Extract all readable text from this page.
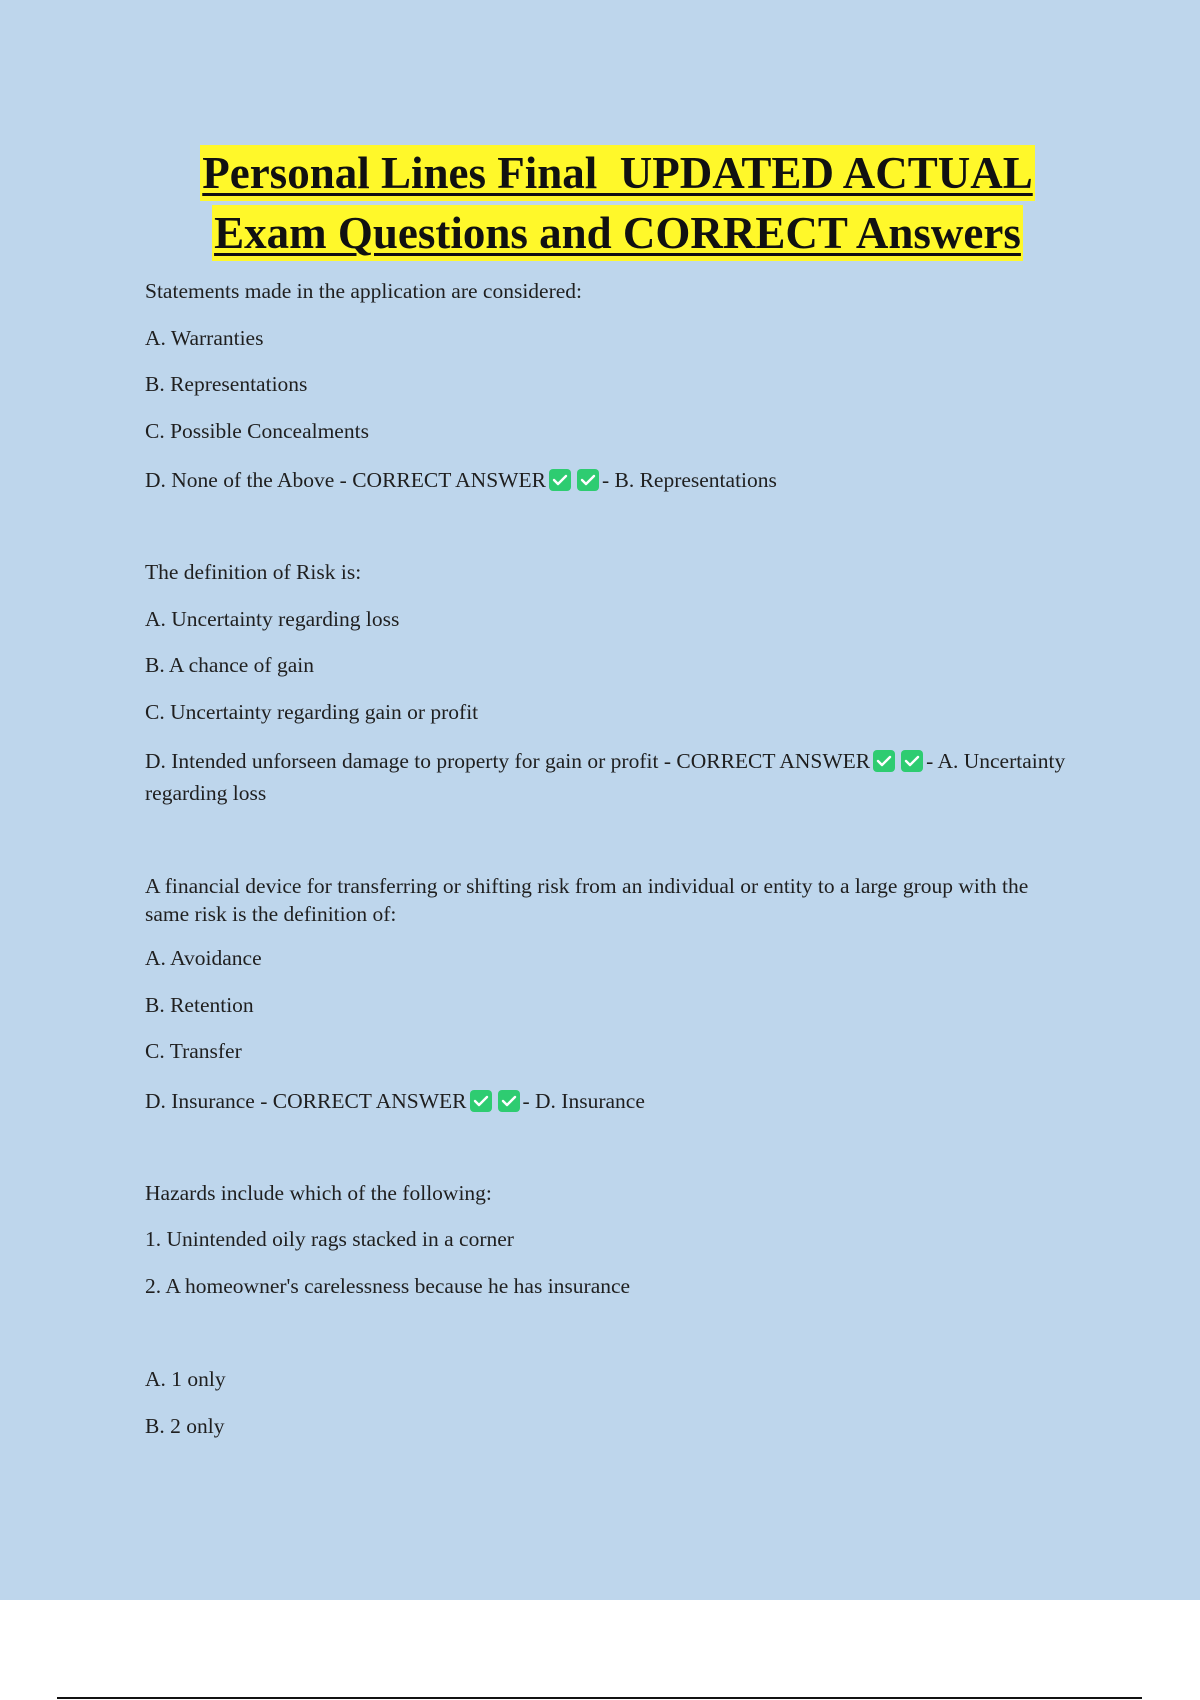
Personal Lines Final  UPDATED ACTUAL
Exam Questions and CORRECT Answers

Statements made in the application are considered:

A. Warranties

B. Representations

C. Possible Concealments

D. None of the Above - CORRECT ANSWER	- B. Representations

The definition of Risk is:

A. Uncertainty regarding loss

B. A chance of gain

C. Uncertainty regarding gain or profit

D. Intended unforseen damage to property for gain or profit - CORRECT ANSWER	- A. Uncertainty regarding loss

A financial device for transferring or shifting risk from an individual or entity to a large group with the same risk is the definition of:

A. Avoidance

B. Retention

C. Transfer

D. Insurance - CORRECT ANSWER	- D. Insurance

Hazards include which of the following:

1. Unintended oily rags stacked in a corner

2. A homeowner's carelessness because he has insurance

A. 1 only

B. 2 only
